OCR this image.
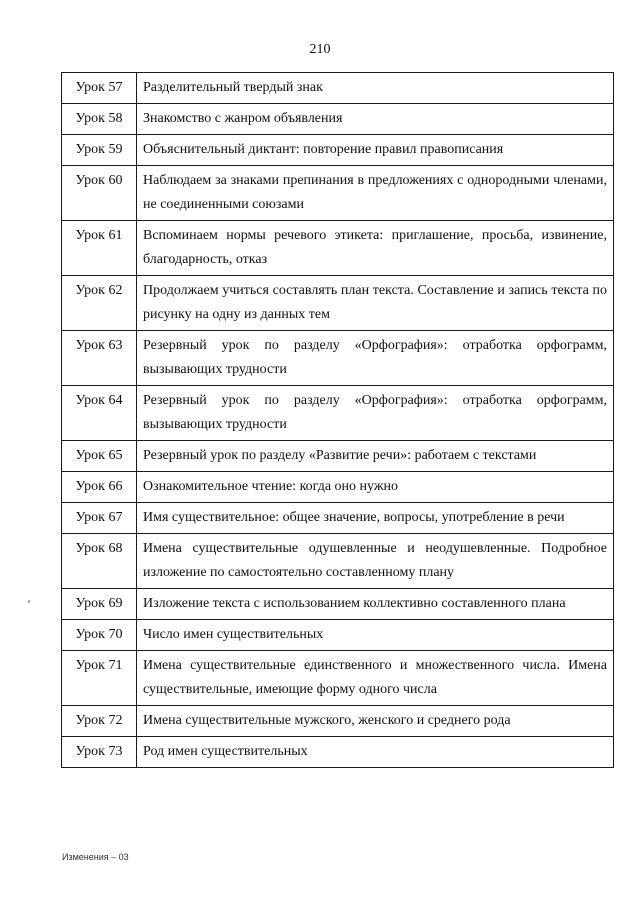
210
Урок 57	Разделительный твердый знак
Урок 58	Знакомство с жанром объявления
Урок 59	Объяснительный диктант: повторение правил правописания
Урок 60	Наблюдаем за знаками препинания в предложениях с однородными членами, не соединенными союзами
Урок 61	Вспоминаем нормы речевого этикета: приглашение, просьба, извинение, благодарность, отказ
Урок 62	Продолжаем учиться составлять план текста. Составление и запись текста по рисунку на одну из данных тем
Урок 63	Резервный урок по разделу «Орфография»: отработка орфограмм, вызывающих трудности
Урок 64	Резервный урок по разделу «Орфография»: отработка орфограмм, вызывающих трудности
Урок 65	Резервный урок по разделу «Развитие речи»: работаем с текстами
Урок 66	Ознакомительное чтение: когда оно нужно
Урок 67	Имя существительное: общее значение, вопросы, употребление в речи
Урок 68	Имена существительные одушевленные и неодушевленные. Подробное изложение по самостоятельно составленному плану
Урок 69	Изложение текста с использованием коллективно составленного плана
Урок 70	Число имен существительных
Урок 71	Имена существительные единственного и множественного числа. Имена существительные, имеющие форму одного числа
Урок 72	Имена существительные мужского, женского и среднего рода
Урок 73	Род имен существительных
Изменения – 03
